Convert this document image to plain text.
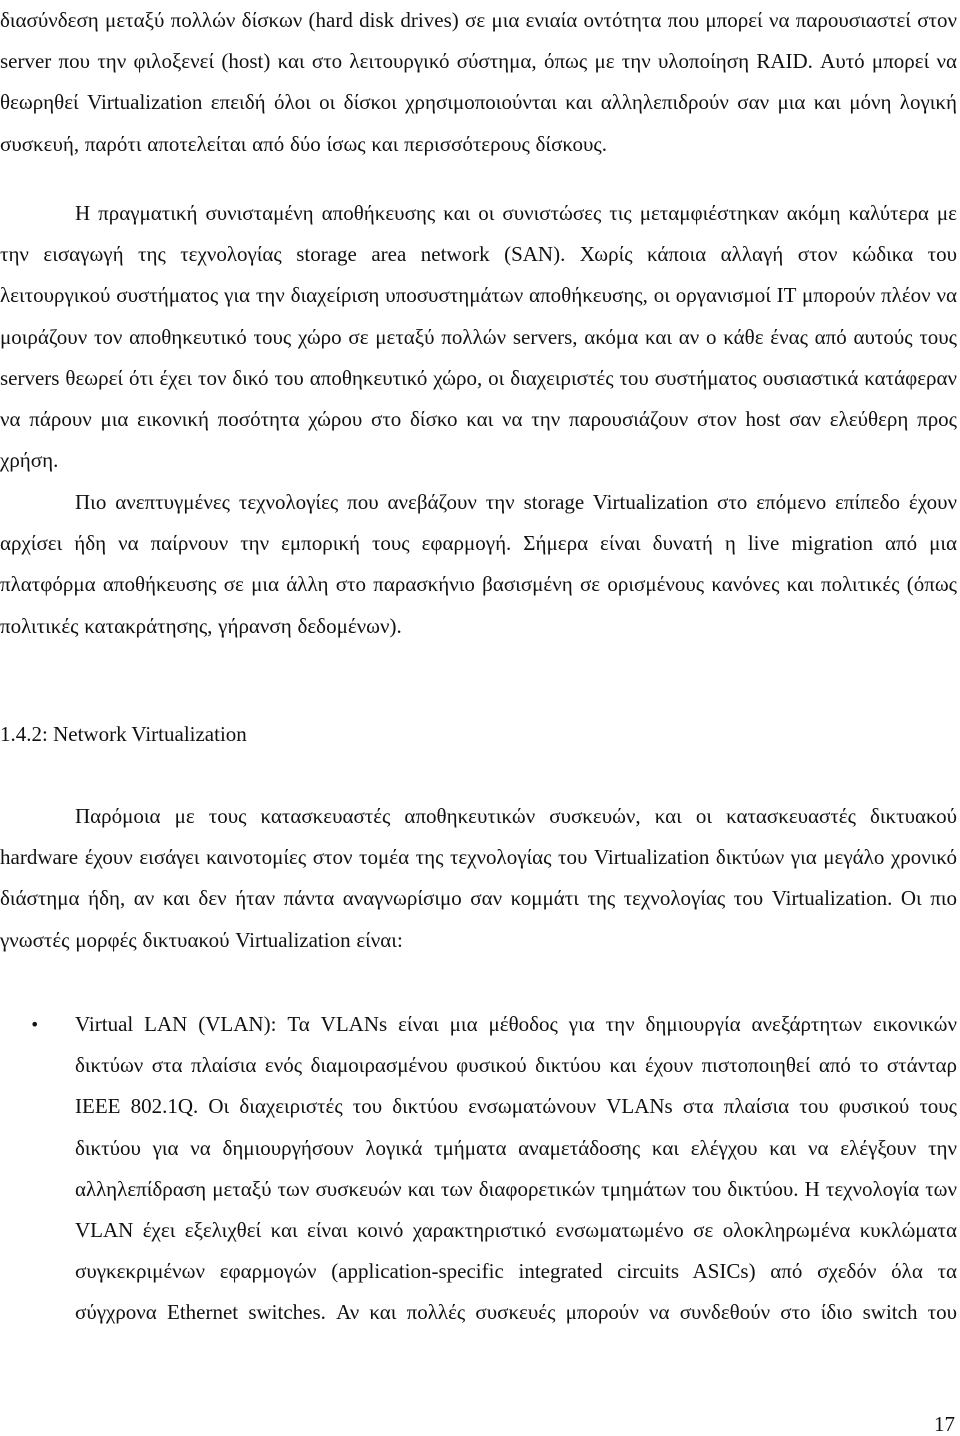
διασύνδεση μεταξύ πολλών δίσκων (hard disk drives) σε μια ενιαία οντότητα που μπορεί να παρουσιαστεί στον server που την φιλοξενεί (host) και στο λειτουργικό σύστημα, όπως με την υλοποίηση RAID. Αυτό μπορεί να θεωρηθεί Virtualization επειδή όλοι οι δίσκοι χρησιμοποιούνται και αλληλεπιδρούν σαν μια και μόνη λογική συσκευή, παρότι αποτελείται από δύο ίσως και περισσότερους δίσκους.

Η πραγματική συνισταμένη αποθήκευσης και οι συνιστώσες τις μεταμφιέστηκαν ακόμη καλύτερα με την εισαγωγή της τεχνολογίας storage area network (SAN). Χωρίς κάποια αλλαγή στον κώδικα του λειτουργικού συστήματος για την διαχείριση υποσυστημάτων αποθήκευσης, οι οργανισμοί IT μπορούν πλέον να μοιράζουν τον αποθηκευτικό τους χώρο σε μεταξύ πολλών servers, ακόμα και αν ο κάθε ένας από αυτούς τους servers θεωρεί ότι έχει τον δικό του αποθηκευτικό χώρο, οι διαχειριστές του συστήματος ουσιαστικά κατάφεραν να πάρουν μια εικονική ποσότητα χώρου στο δίσκο και να την παρουσιάζουν στον host σαν ελεύθερη προς χρήση.

Πιο ανεπτυγμένες τεχνολογίες που ανεβάζουν την storage Virtualization στο επόμενο επίπεδο έχουν αρχίσει ήδη να παίρνουν την εμπορική τους εφαρμογή. Σήμερα είναι δυνατή η live migration από μια πλατφόρμα αποθήκευσης σε μια άλλη στο παρασκήνιο βασισμένη σε ορισμένους κανόνες και πολιτικές (όπως πολιτικές κατακράτησης, γήρανση δεδομένων).

1.4.2: Network Virtualization

Παρόμοια με τους κατασκευαστές αποθηκευτικών συσκευών, και οι κατασκευαστές δικτυακού hardware έχουν εισάγει καινοτομίες στον τομέα της τεχνολογίας του Virtualization δικτύων για μεγάλο χρονικό διάστημα ήδη, αν και δεν ήταν πάντα αναγνωρίσιμο σαν κομμάτι της τεχνολογίας του Virtualization. Οι πιο γνωστές μορφές δικτυακού Virtualization είναι:

• Virtual LAN (VLAN): Τα VLANs είναι μια μέθοδος για την δημιουργία ανεξάρτητων εικονικών δικτύων στα πλαίσια ενός διαμοιρασμένου φυσικού δικτύου και έχουν πιστοποιηθεί από το στάνταρ IEEE 802.1Q. Οι διαχειριστές του δικτύου ενσωματώνουν VLANs στα πλαίσια του φυσικού τους δικτύου για να δημιουργήσουν λογικά τμήματα αναμετάδοσης και ελέγχου και να ελέγξουν την αλληλεπίδραση μεταξύ των συσκευών και των διαφορετικών τμημάτων του δικτύου. Η τεχνολογία των VLAN έχει εξελιχθεί και είναι κοινό χαρακτηριστικό ενσωματωμένο σε ολοκληρωμένα κυκλώματα συγκεκριμένων εφαρμογών (application-specific integrated circuits ASICs) από σχεδόν όλα τα σύγχρονα Ethernet switches. Αν και πολλές συσκευές μπορούν να συνδεθούν στο ίδιο switch του
17
